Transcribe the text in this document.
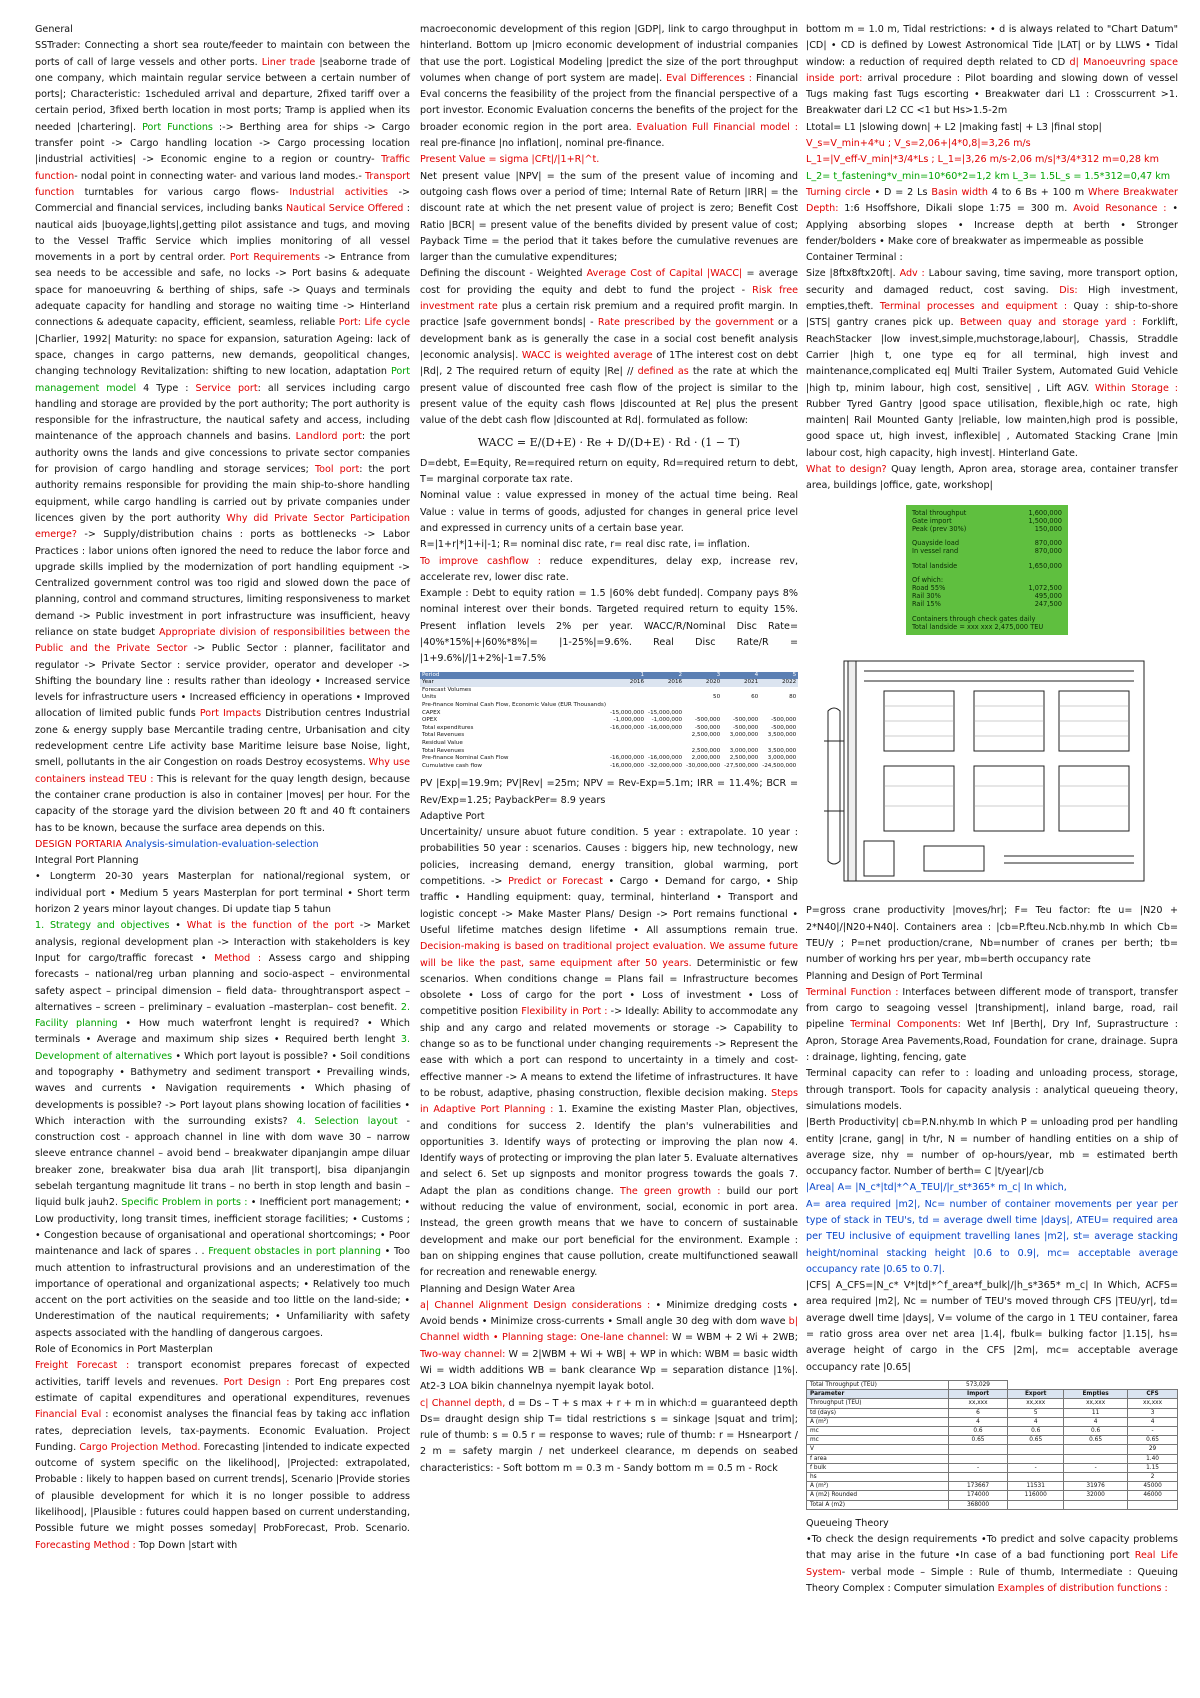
General

SSTrader: Connecting a short sea route/feeder to maintain con between the ports of call of large vessels and other ports. Liner trade |seaborne trade of one company, which maintain regular service between a certain number of ports|; Characteristic: 1scheduled arrival and departure, 2fixed tariff over a certain period, 3fixed berth location in most ports; Tramp is applied when its needed |chartering|. Port Functions :-> Berthing area for ships -> Cargo transfer point -> Cargo handling location -> Cargo processing location |industrial activities| -> Economic engine to a region or country- Traffic function- nodal point in connecting water- and various land modes.- Transport function turntables for various cargo flows- Industrial activities -> Commercial and financial services, including banks Nautical Service Offered : nautical aids |buoyage,lights|,getting pilot assistance and tugs, and moving to the Vessel Traffic Service which implies monitoring of all vessel movements in a port by central order. Port Requirements -> Entrance from sea needs to be accessible and safe, no locks -> Port basins & adequate space for manoeuvring & berthing of ships, safe -> Quays and terminals adequate capacity for handling and storage no waiting time -> Hinterland connections & adequate capacity, efficient, seamless, reliable Port: Life cycle |Charlier, 1992| Maturity: no space for expansion, saturation Ageing: lack of space, changes in cargo patterns, new demands, geopolitical changes, changing technology Revitalization: shifting to new location, adaptation Port management model 4 Type : Service port: all services including cargo handling and storage are provided by the port authority; The port authority is responsible for the infrastructure, the nautical safety and access, including maintenance of the approach channels and basins. Landlord port: the port authority owns the lands and give concessions to private sector companies for provision of cargo handling and storage services; Tool port: the port authority remains responsible for providing the main ship-to-shore handling equipment, while cargo handling is carried out by private companies under licences given by the port authority Why did Private Sector Participation emerge? -> Supply/distribution chains : ports as bottlenecks -> Labor Practices : labor unions often ignored the need to reduce the labor force and upgrade skills implied by the modernization of port handling equipment -> Centralized government control was too rigid and slowed down the pace of planning, control and command structures, limiting responsiveness to market demand -> Public investment in port infrastructure was insufficient, heavy reliance on state budget Appropriate division of responsibilities between the Public and the Private Sector -> Public Sector : planner, facilitator and regulator -> Private Sector : service provider, operator and developer -> Shifting the boundary line : results rather than ideology • Increased service levels for infrastructure users • Increased efficiency in operations • Improved allocation of limited public funds Port Impacts Distribution centres Industrial zone & energy supply base Mercantile trading centre, Urbanisation and city redevelopment centre Life activity base Maritime leisure base Noise, light, smell, pollutants in the air Congestion on roads Destroy ecosystems. Why use containers instead TEU : This is relevant for the quay length design, because the container crane production is also in container |moves| per hour. For the capacity of the storage yard the division between 20 ft and 40 ft containers has to be known, because the surface area depends on this.

DESIGN PORTARIA Analysis-simulation-evaluation-selection

Integral Port Planning

• Longterm 20-30 years Masterplan for national/regional system, or individual port • Medium 5 years Masterplan for port terminal • Short term horizon 2 years minor layout changes. Di update tiap 5 tahun

1. Strategy and objectives • What is the function of the port -> Market analysis, regional development plan -> Interaction with stakeholders is key Input for cargo/traffic forecast • Method : Assess cargo and shipping forecasts – national/reg urban planning and socio-aspect – environmental safety aspect – principal dimension – field data- throughtransport aspect – alternatives – screen – preliminary – evaluation –masterplan– cost benefit. 2. Facility planning • How much waterfront lenght is required? • Which terminals • Average and maximum ship sizes • Required berth lenght 3. Development of alternatives • Which port layout is possible? • Soil conditions and topography • Bathymetry and sediment transport • Prevailing winds, waves and currents • Navigation requirements • Which phasing of developments is possible? -> Port layout plans showing location of facilities • Which interaction with the surrounding exists? 4. Selection layout - construction cost - approach channel in line with dom wave 30 – narrow sleeve entrance channel – avoid bend – breakwater dipanjangin ampe diluar breaker zone, breakwater bisa dua arah |lit transport|, bisa dipanjangin sebelah tergantung magnitude lit trans – no berth in stop length and basin – liquid bulk jauh2. Specific Problem in ports : • Inefficient port management; • Low productivity, long transit times, inefficient storage facilities; • Customs ; • Congestion because of organisational and operational shortcomings; • Poor maintenance and lack of spares . . Frequent obstacles in port planning • Too much attention to infrastructural provisions and an underestimation of the importance of operational and organizational aspects; • Relatively too much accent on the port activities on the seaside and too little on the land-side; • Underestimation of the nautical requirements; • Unfamiliarity with safety aspects associated with the handling of dangerous cargoes.

Role of Economics in Port Masterplan

Freight Forecast : transport economist prepares forecast of expected activities, tariff levels and revenues. Port Design : Port Eng prepares cost estimate of capital expenditures and operational expenditures, revenues Financial Eval : economist analyses the financial feas by taking acc inflation rates, depreciation levels, tax-payments. Economic Evaluation. Project Funding. Cargo Projection Method. Forecasting |intended to indicate expected outcome of system specific on the likelihood|, |Projected: extrapolated, Probable : likely to happen based on current trends|, Scenario |Provide stories of plausible development for which it is no longer possible to address likelihood|, |Plausible : futures could happen based on current understanding, Possible future we might posses someday| ProbForecast, Prob. Scenario. Forecasting Method : Top Down |start with

macroeconomic development of this region |GDP|, link to cargo throughput in hinterland. Bottom up |micro economic development of industrial companies that use the port. Logistical Modeling |predict the size of the port throughput volumes when change of port system are made|. Eval Differences : Financial Eval concerns the feasibility of the project from the financial perspective of a port investor. Economic Evaluation concerns the benefits of the project for the broader economic region in the port area. Evaluation Full Financial model : real pre-finance |no inflation|, nominal pre-finance.

Present Value = sigma |CFt|/|1+R|^t.

Net present value |NPV| = the sum of the present value of incoming and outgoing cash flows over a period of time; Internal Rate of Return |IRR| = the discount rate at which the net present value of project is zero; Benefit Cost Ratio |BCR| = present value of the benefits divided by present value of cost; Payback Time = the period that it takes before the cumulative revenues are larger than the cumulative expenditures;

Defining the discount - Weighted Average Cost of Capital |WACC| = average cost for providing the equity and debt to fund the project - Risk free investment rate plus a certain risk premium and a required profit margin. In practice |safe government bonds| - Rate prescribed by the government or a development bank as is generally the case in a social cost benefit analysis |economic analysis|. WACC is weighted average of 1The interest cost on debt |Rd|, 2 The required return of equity |Re| // defined as the rate at which the present value of discounted free cash flow of the project is similar to the present value of the equity cash flows |discounted at Re| plus the present value of the debt cash flow |discounted at Rd|. formulated as follow:

WACC = E/(D+E) · Re + D/(D+E) · Rd · (1 − T)

D=debt, E=Equity, Re=required return on equity, Rd=required return to debt, T= marginal corporate tax rate.

Nominal value : value expressed in money of the actual time being. Real Value : value in terms of goods, adjusted for changes in general price level and expressed in currency units of a certain base year.

R=|1+r|*|1+i|-1; R= nominal disc rate, r= real disc rate, i= inflation.

To improve cashflow : reduce expenditures, delay exp, increase rev, accelerate rev, lower disc rate.

Example : Debt to equity ration = 1.5 |60% debt funded|. Company pays 8% nominal interest over their bonds. Targeted required return to equity 15%. Present inflation levels 2% per year. WACC/R/Nominal Disc Rate= |40%*15%|+|60%*8%|= |1-25%|=9.6%. Real Disc Rate/R = |1+9.6%|/|1+2%|-1=7.5%

Period	1	2	3	4	5
Year	2016	2016	2020	2021	2022
Forecast Volumes					
Units			50	60	80
Pre-finance Nominal Cash Flow, Economic Value (EUR Thousands)					
CAPEX	-15,000,000	-15,000,000			
OPEX	-1,000,000	-1,000,000	-500,000	-500,000	-500,000
Total expenditures	-16,000,000	-16,000,000	-500,000	-500,000	-500,000
Total Revenues			2,500,000	3,000,000	3,500,000
Residual Value					
Total Revenues			2,500,000	3,000,000	3,500,000
Pre-finance Nominal Cash Flow	-16,000,000	-16,000,000	2,000,000	2,500,000	3,000,000
Cumulative cash flow	-16,000,000	-32,000,000	-30,000,000	-27,500,000	-24,500,000

PV |Exp|=19.9m; PV|Rev| =25m; NPV = Rev-Exp=5.1m; IRR = 11.4%; BCR = Rev/Exp=1.25; PaybackPer= 8.9 years

Adaptive Port

Uncertainity/ unsure abuot future condition. 5 year : extrapolate. 10 year : probabilities 50 year : scenarios. Causes : biggers hip, new technology, new policies, increasing demand, energy transition, global warming, port competitions. -> Predict or Forecast • Cargo • Demand for cargo, • Ship traffic • Handling equipment: quay, terminal, hinterland • Transport and logistic concept -> Make Master Plans/ Design -> Port remains functional • Useful lifetime matches design lifetime • All assumptions remain true. Decision-making is based on traditional project evaluation. We assume future will be like the past, same equipment after 50 years. Deterministic or few scenarios. When conditions change = Plans fail = Infrastructure becomes obsolete • Loss of cargo for the port • Loss of investment • Loss of competitive position Flexibility in Port : -> Ideally: Ability to accommodate any ship and any cargo and related movements or storage -> Capability to change so as to be functional under changing requirements -> Represent the ease with which a port can respond to uncertainty in a timely and cost-effective manner -> A means to extend the lifetime of infrastructures. It have to be robust, adaptive, phasing construction, flexible decision making. Steps in Adaptive Port Planning : 1. Examine the existing Master Plan, objectives, and conditions for success 2. Identify the plan's vulnerabilities and opportunities 3. Identify ways of protecting or improving the plan now 4. Identify ways of protecting or improving the plan later 5. Evaluate alternatives and select 6. Set up signposts and monitor progress towards the goals 7. Adapt the plan as conditions change. The green growth : build our port without reducing the value of environment, social, economic in port area. Instead, the green growth means that we have to concern of sustainable development and make our port beneficial for the environment. Example : ban on shipping engines that cause pollution, create multifunctioned seawall for recreation and renewable energy.

Planning and Design Water Area

a| Channel Alignment Design considerations : • Minimize dredging costs • Avoid bends • Minimize cross-currents • Small angle 30 deg with dom wave b| Channel width • Planning stage: One-lane channel: W = WBM + 2 Wi + 2WB; Two-way channel: W = 2|WBM + Wi + WB| + WP in which: WBM = basic width Wi = width additions WB = bank clearance Wp = separation distance |1%|. At2-3 LOA bikin channelnya nyempit layak botol.

c| Channel depth, d = Ds – T + s max + r + m in which:d = guaranteed depth Ds= draught design ship T= tidal restrictions s = sinkage |squat and trim|; rule of thumb: s = 0.5 r = response to waves; rule of thumb: r = Hsnearport / 2 m = safety margin / net underkeel clearance, m depends on seabed characteristics: - Soft bottom m = 0.3 m - Sandy bottom m = 0.5 m - Rock

bottom m = 1.0 m, Tidal restrictions: • d is always related to "Chart Datum" |CD| • CD is defined by Lowest Astronomical Tide |LAT| or by LLWS • Tidal window: a reduction of required depth related to CD d| Manoeuvring space inside port: arrival procedure : Pilot boarding and slowing down of vessel Tugs making fast Tugs escorting • Breakwater dari L1 : Crosscurrent >1. Breakwater dari L2 CC <1 but Hs>1.5-2m

Ltotal= L1 |slowing down| + L2 |making fast| + L3 |final stop|

V_s=V_min+4*u ; V_s=2,06+|4*0,8|=3,26 m/s

L_1=|V_eff-V_min|*3/4*Ls ; L_1=|3,26 m/s-2,06 m/s|*3/4*312 m=0,28 km

L_2= t_fastening*v_min=10*60*2=1,2 km L_3= 1.5L_s = 1.5*312=0,47 km

Turning circle • D = 2 Ls Basin width 4 to 6 Bs + 100 m Where Breakwater Depth: 1:6 Hsoffshore, Dikali slope 1:75 = 300 m. Avoid Resonance : • Applying absorbing slopes • Increase depth at berth • Stronger fender/bolders • Make core of breakwater as impermeable as possible

Container Terminal :

Size |8ftx8ftx20ft|. Adv : Labour saving, time saving, more transport option, security and damaged reduct, cost saving. Dis: High investment, empties,theft. Terminal processes and equipment : Quay : ship-to-shore |STS| gantry cranes pick up. Between quay and storage yard : Forklift, ReachStacker |low invest,simple,muchstorage,labour|, Chassis, Straddle Carrier |high t, one type eq for all terminal, high invest and maintenance,complicated eq| Multi Trailer System, Automated Guid Vehicle |high tp, minim labour, high cost, sensitive| , Lift AGV. Within Storage : Rubber Tyred Gantry |good space utilisation, flexible,high oc rate, high mainten| Rail Mounted Ganty |reliable, low mainten,high prod is possible, good space ut, high invest, inflexible| , Automated Stacking Crane |min labour cost, high capacity, high invest|. Hinterland Gate.

What to design? Quay length, Apron area, storage area, container transfer area, buildings |office, gate, workshop|

Total throughput	1,600,000
Gate import	1,500,000
Peak (prev 30%)	150,000
Quayside load	870,000
In vessel rand	870,000
Total landside	1,650,000
Of which:
Road 55%	1,072,500
Rail 30%	495,000
Rail 15%	247,500
Containers through check gates daily
Total landside = xxx xxx 2,475,000 TEU

P=gross crane productivity |moves/hr|; F= Teu factor: fte u= |N20 + 2*N40|/|N20+N40|. Containers area : |cb=P.fteu.Ncb.nhy.mb In which Cb= TEU/y ; P=net production/crane, Nb=number of cranes per berth; tb= number of working hrs per year, mb=berth occupancy rate

Planning and Design of Port Terminal

Terminal Function : Interfaces between different mode of transport, transfer from cargo to seagoing vessel |transhipment|, inland barge, road, rail pipeline Terminal Components: Wet Inf |Berth|, Dry Inf, Suprastructure : Apron, Storage Area Pavements,Road, Foundation for crane, drainage. Supra : drainage, lighting, fencing, gate

Terminal capacity can refer to : loading and unloading process, storage, through transport. Tools for capacity analysis : analytical queueing theory, simulations models.

|Berth Productivity| cb=P.N.nhy.mb In which P = unloading prod per handling entity |crane, gang| in t/hr, N = number of handling entities on a ship of average size, nhy = number of op-hours/year, mb = estimated berth occupancy factor. Number of berth= C |t/year|/cb

|Area| A= |N_c*|td|*^A_TEU|/|r_st*365* m_c| In which,

A= area required |m2|, Nc= number of container movements per year per type of stack in TEU's, td = average dwell time |days|, ATEU= required area per TEU inclusive of equipment travelling lanes |m2|, st= average stacking height/nominal stacking height |0.6 to 0.9|, mc= acceptable average occupancy rate |0.65 to 0.7|.

|CFS| A_CFS=|N_c* V*|td|*^f_area*f_bulk|/|h_s*365* m_c| In Which, ACFS= area required |m2|, Nc = number of TEU's moved through CFS |TEU/yr|, td= average dwell time |days|, V= volume of the cargo in 1 TEU container, farea = ratio gross area over net area |1.4|, fbulk= bulking factor |1.15|, hs= average height of cargo in the CFS |2m|, mc= acceptable average occupancy rate |0.65|

Total Throughput (TEU)	573,029			
Parameter	Import	Export	Empties	CFS
Throughput (TEU)	xx,xxx	xx,xxx	xx,xxx	xx,xxx
td (days)	6	5	11	3
A (m²)	4	4	4	4
mc	0.6	0.6	0.6	-
mc	0.65	0.65	0.65	0.65
V				29
f area				1.40
f bulk	-	-	-	1.15
hs				2
A (m²)	173667	11531	31976	45000
A (m2) Rounded	174000	116000	32000	46000
Total A (m2)	368000			

Queueing Theory

•To check the design requirements •To predict and solve capacity problems that may arise in the future •In case of a bad functioning port Real Life System- verbal mode – Simple : Rule of thumb, Intermediate : Queuing Theory Complex : Computer simulation Examples of distribution functions :
